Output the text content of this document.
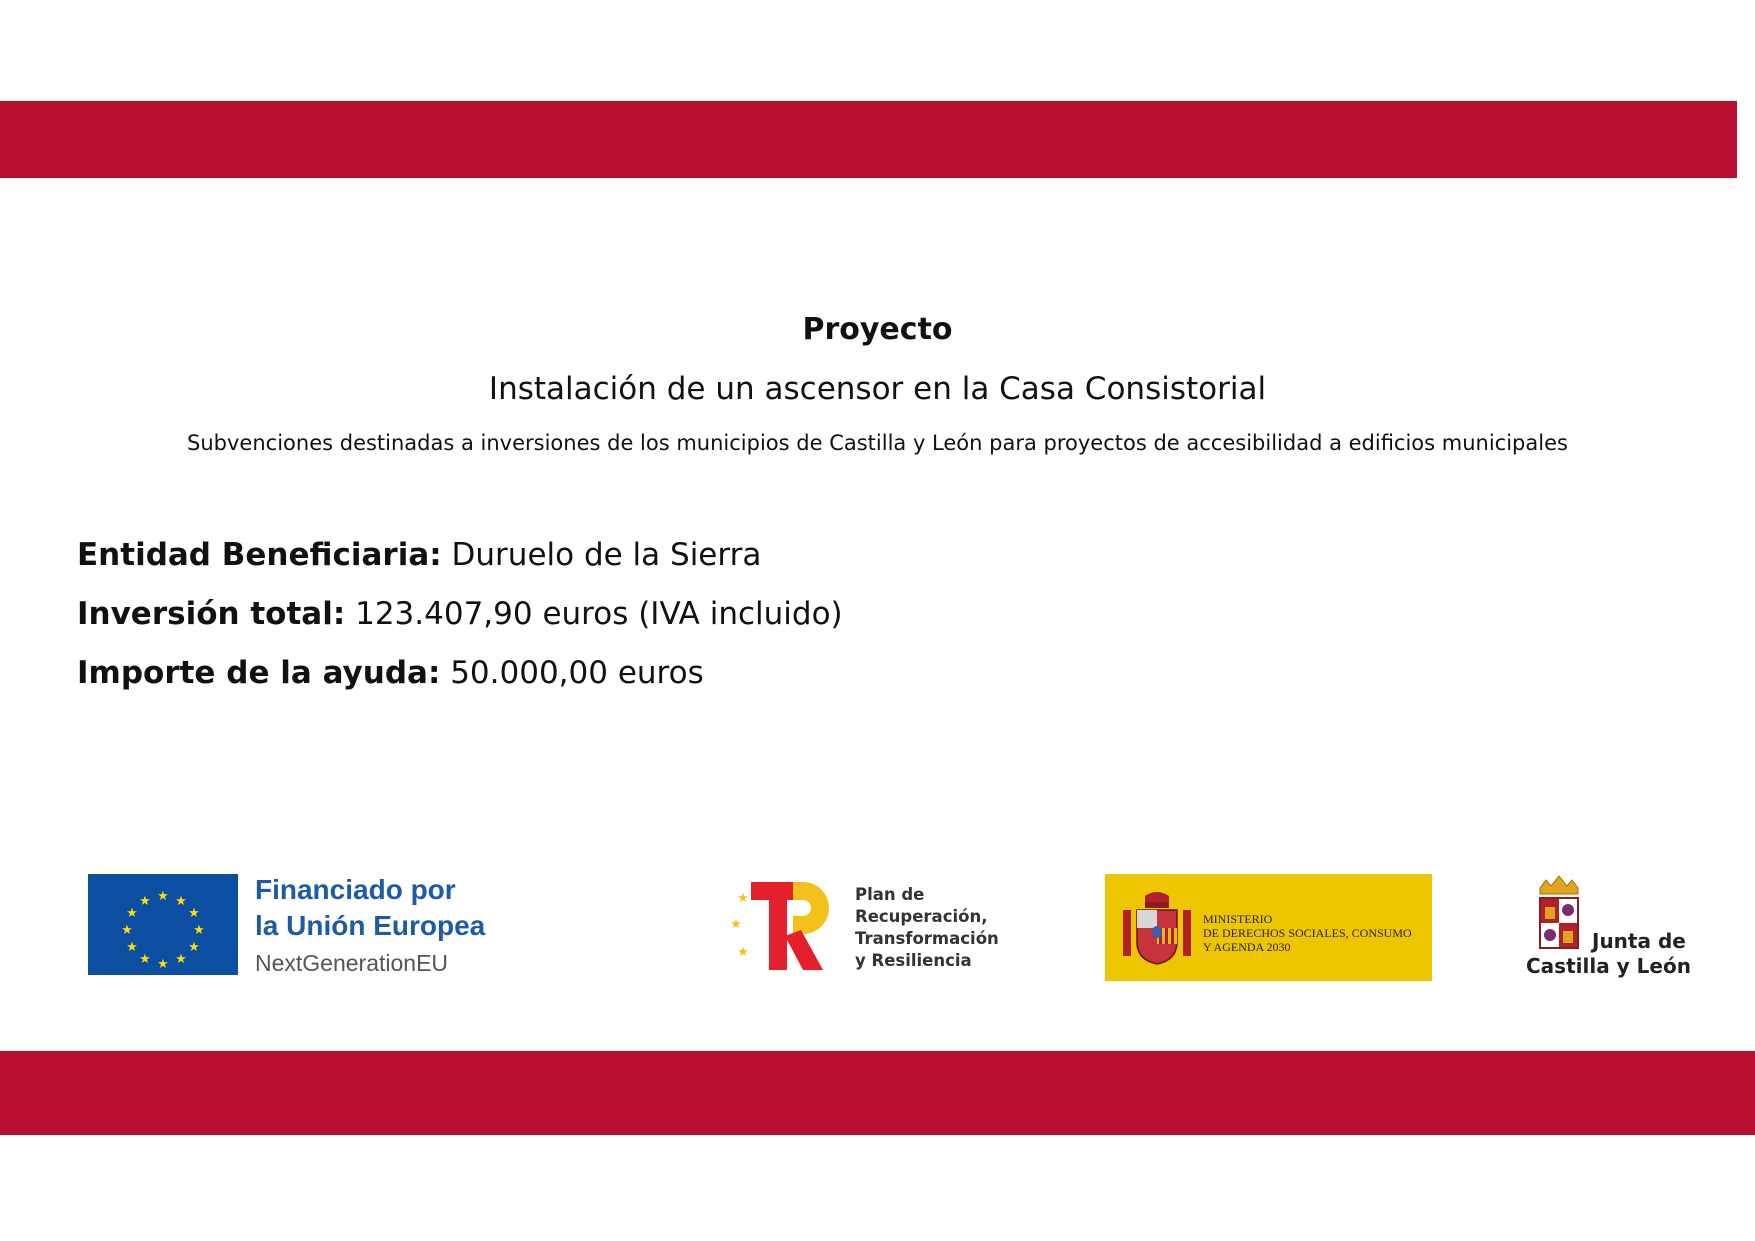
Proyecto
Instalación de un ascensor en la Casa Consistorial
Subvenciones destinadas a inversiones de los municipios de Castilla y León para proyectos de accesibilidad a edificios municipales
Entidad Beneficiaria: Duruelo de la Sierra
Inversión total: 123.407,90 euros (IVA incluido)
Importe de la ayuda: 50.000,00 euros
★ ★
★
★
★
★
★
★
★
★
★
★	Financiado por
la Unión Europea
NextGenerationEU
★
★
★
Plan de
Recuperación,
Transformación
y Resiliencia
MINISTERIO
DE DERECHOS SOCIALES, CONSUMO
Y AGENDA 2030	Junta de
Castilla y León
